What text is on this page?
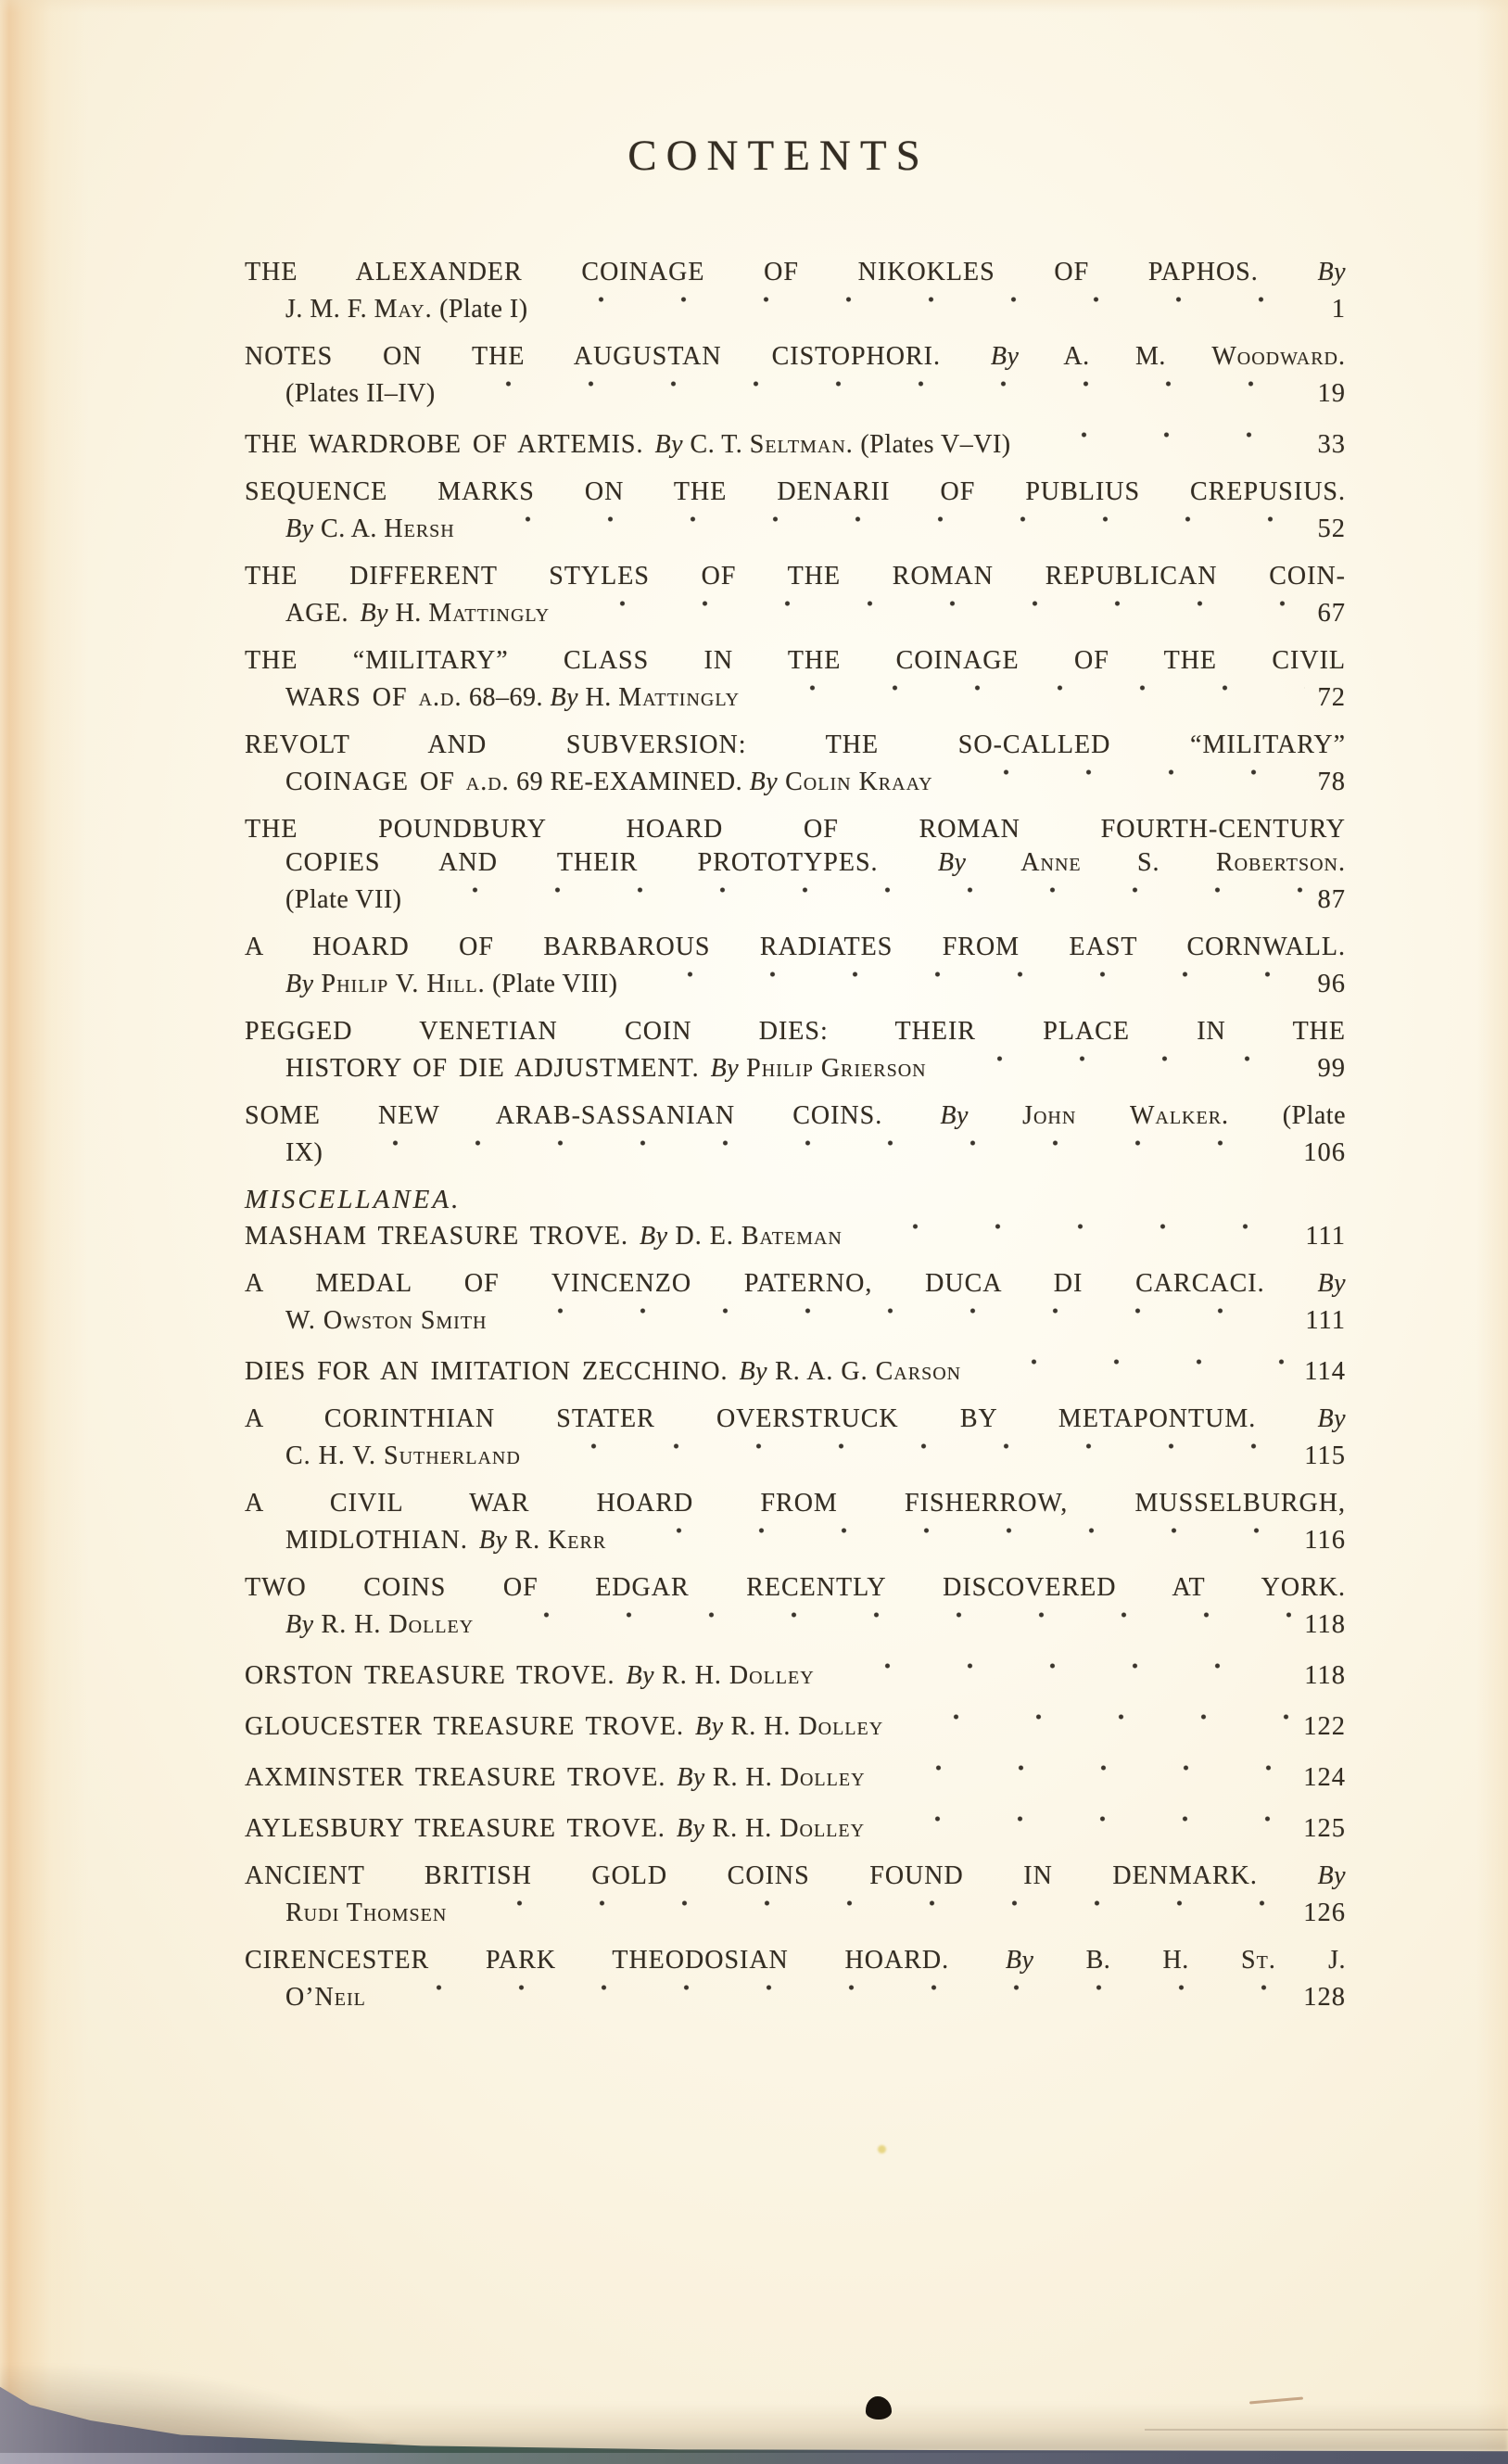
CONTENTS
THE ALEXANDER COINAGE OF NIKOKLES OF PAPHOS. By
J. M. F. May. (Plate I)	1
NOTES ON THE AUGUSTAN CISTOPHORI. By A. M. Woodward.
(Plates II–IV)	19
THE WARDROBE OF ARTEMIS. By C. T. Seltman. (Plates V–VI)	33
SEQUENCE MARKS ON THE DENARII OF PUBLIUS CREPUSIUS.
By C. A. Hersh	52
THE DIFFERENT STYLES OF THE ROMAN REPUBLICAN COIN-
AGE. By H. Mattingly	67
THE “MILITARY” CLASS IN THE COINAGE OF THE CIVIL
WARS OF a.d. 68–69. By H. Mattingly	72
REVOLT AND SUBVERSION: THE SO-CALLED “MILITARY”
COINAGE OF a.d. 69 RE-EXAMINED. By Colin Kraay	78
THE POUNDBURY HOARD OF ROMAN FOURTH-CENTURY
COPIES AND THEIR PROTOTYPES. By Anne S. Robertson.
(Plate VII)	87
A HOARD OF BARBAROUS RADIATES FROM EAST CORNWALL.
By Philip V. Hill. (Plate VIII)	96
PEGGED VENETIAN COIN DIES: THEIR PLACE IN THE
HISTORY OF DIE ADJUSTMENT. By Philip Grierson	99
SOME NEW ARAB-SASSANIAN COINS. By John Walker. (Plate
IX)	106
MISCELLANEA.
MASHAM TREASURE TROVE. By D. E. Bateman	111
A MEDAL OF VINCENZO PATERNO, DUCA DI CARCACI. By
W. Owston Smith	111
DIES FOR AN IMITATION ZECCHINO. By R. A. G. Carson	114
A CORINTHIAN STATER OVERSTRUCK BY METAPONTUM. By
C. H. V. Sutherland	115
A CIVIL WAR HOARD FROM FISHERROW, MUSSELBURGH,
MIDLOTHIAN. By R. Kerr	116
TWO COINS OF EDGAR RECENTLY DISCOVERED AT YORK.
By R. H. Dolley	118
ORSTON TREASURE TROVE. By R. H. Dolley	118
GLOUCESTER TREASURE TROVE. By R. H. Dolley	122
AXMINSTER TREASURE TROVE. By R. H. Dolley	124
AYLESBURY TREASURE TROVE. By R. H. Dolley	125
ANCIENT BRITISH GOLD COINS FOUND IN DENMARK. By
Rudi Thomsen	126
CIRENCESTER PARK THEODOSIAN HOARD. By B. H. St. J.
O’Neil	128
